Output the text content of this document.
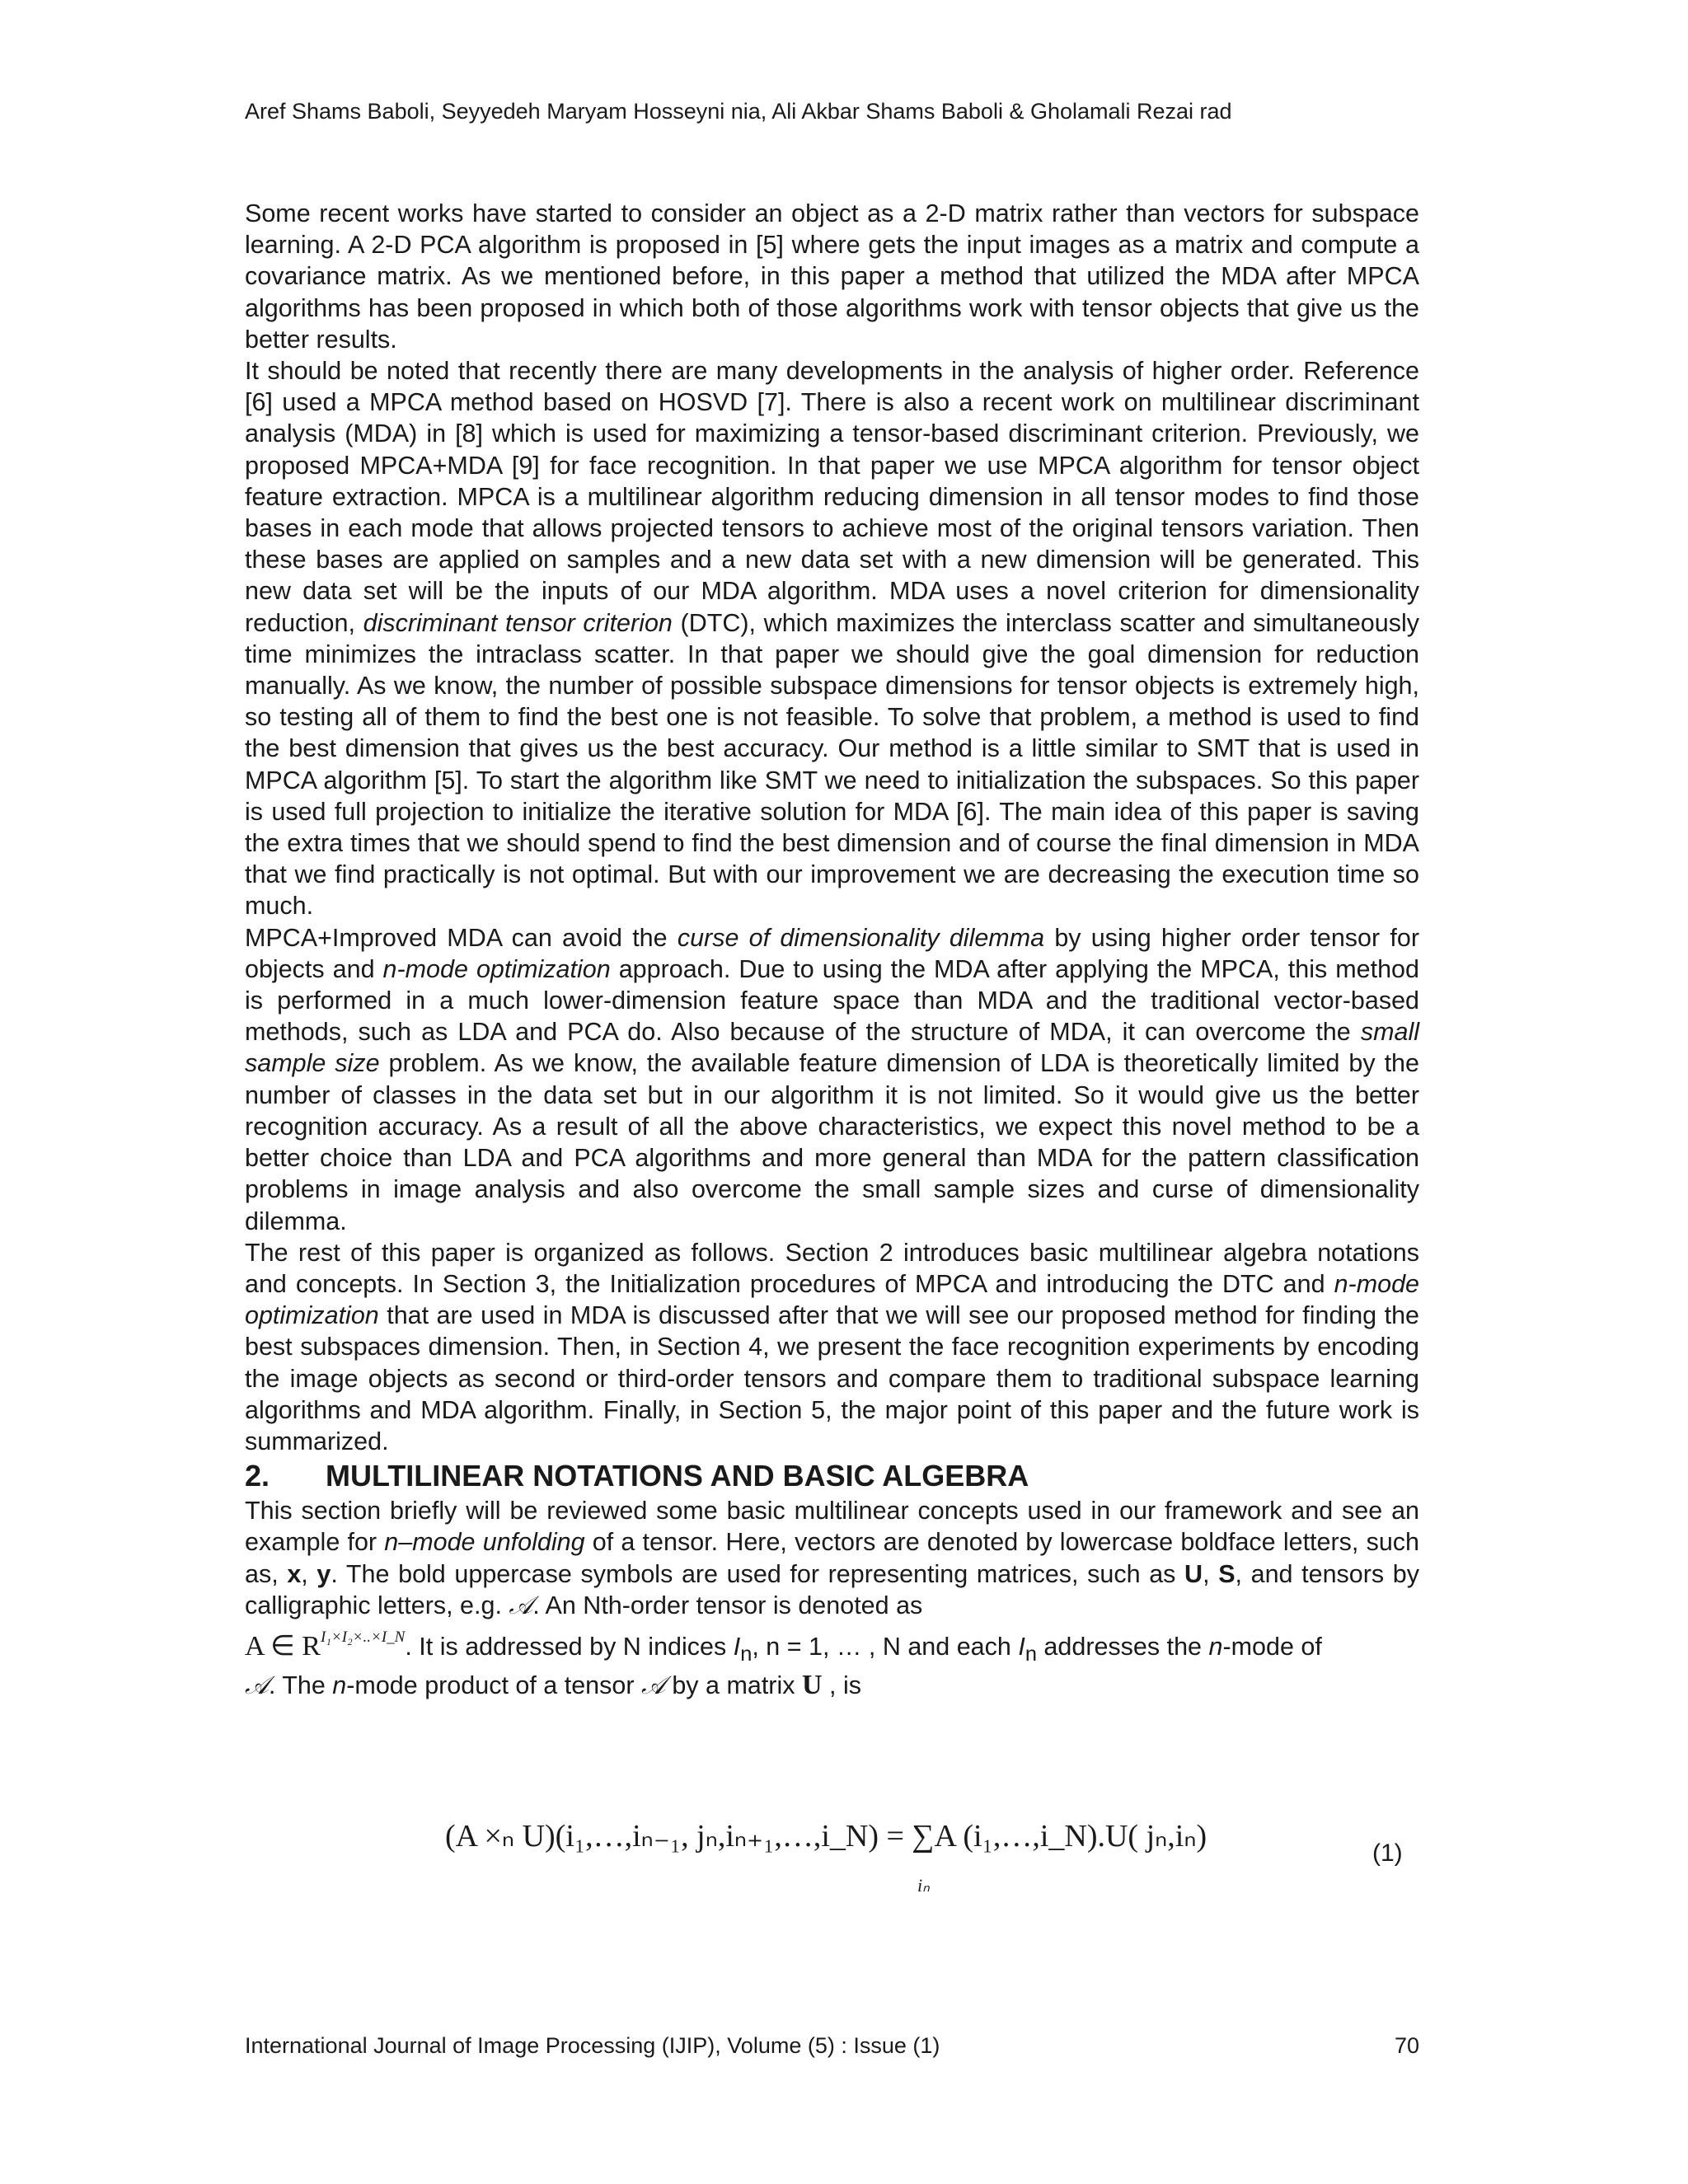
Aref Shams Baboli, Seyyedeh Maryam Hosseyni nia, Ali Akbar Shams Baboli & Gholamali Rezai rad

Some recent works have started to consider an object as a 2-D matrix rather than vectors for subspace learning. A 2-D PCA algorithm is proposed in [5] where gets the input images as a matrix and compute a covariance matrix. As we mentioned before, in this paper a method that utilized the MDA after MPCA algorithms has been proposed in which both of those algorithms work with tensor objects that give us the better results.

It should be noted that recently there are many developments in the analysis of higher order. Reference [6] used a MPCA method based on HOSVD [7]. There is also a recent work on multilinear discriminant analysis (MDA) in [8] which is used for maximizing a tensor-based discriminant criterion. Previously, we proposed MPCA+MDA [9] for face recognition. In that paper we use MPCA algorithm for tensor object feature extraction. MPCA is a multilinear algorithm reducing dimension in all tensor modes to find those bases in each mode that allows projected tensors to achieve most of the original tensors variation. Then these bases are applied on samples and a new data set with a new dimension will be generated. This new data set will be the inputs of our MDA algorithm. MDA uses a novel criterion for dimensionality reduction, discriminant tensor criterion (DTC), which maximizes the interclass scatter and simultaneously time minimizes the intraclass scatter. In that paper we should give the goal dimension for reduction manually. As we know, the number of possible subspace dimensions for tensor objects is extremely high, so testing all of them to find the best one is not feasible. To solve that problem, a method is used to find the best dimension that gives us the best accuracy. Our method is a little similar to SMT that is used in MPCA algorithm [5]. To start the algorithm like SMT we need to initialization the subspaces. So this paper is used full projection to initialize the iterative solution for MDA [6]. The main idea of this paper is saving the extra times that we should spend to find the best dimension and of course the final dimension in MDA that we find practically is not optimal. But with our improvement we are decreasing the execution time so much.

MPCA+Improved MDA can avoid the curse of dimensionality dilemma by using higher order tensor for objects and n-mode optimization approach. Due to using the MDA after applying the MPCA, this method is performed in a much lower-dimension feature space than MDA and the traditional vector-based methods, such as LDA and PCA do. Also because of the structure of MDA, it can overcome the small sample size problem. As we know, the available feature dimension of LDA is theoretically limited by the number of classes in the data set but in our algorithm it is not limited. So it would give us the better recognition accuracy. As a result of all the above characteristics, we expect this novel method to be a better choice than LDA and PCA algorithms and more general than MDA for the pattern classification problems in image analysis and also overcome the small sample sizes and curse of dimensionality dilemma.

The rest of this paper is organized as follows. Section 2 introduces basic multilinear algebra notations and concepts. In Section 3, the Initialization procedures of MPCA and introducing the DTC and n-mode optimization that are used in MDA is discussed after that we will see our proposed method for finding the best subspaces dimension. Then, in Section 4, we present the face recognition experiments by encoding the image objects as second or third-order tensors and compare them to traditional subspace learning algorithms and MDA algorithm. Finally, in Section 5, the major point of this paper and the future work is summarized.

2. MULTILINEAR NOTATIONS AND BASIC ALGEBRA

This section briefly will be reviewed some basic multilinear concepts used in our framework and see an example for n–mode unfolding of a tensor. Here, vectors are denoted by lowercase boldface letters, such as, x, y. The bold uppercase symbols are used for representing matrices, such as U, S, and tensors by calligraphic letters, e.g. 𝒜. An Nth-order tensor is denoted as
A ∈ $R^{I_1\times I_2\times..\times I\_N}$. It is addressed by N indices $I_n$, n = 1, … , N and each $I_n$ addresses the n-mode of
𝒜. The n-mode product of a tensor 𝒜 by a matrix U , is

(A ×ₙ U)(i₁,…,iₙ₋₁, jₙ,iₙ₊₁,…,i_N) = ∑A (i₁,…,i_N).U( jₙ,iₙ)
iₙ
(1)
International Journal of Image Processing (IJIP), Volume (5) : Issue (1)	70
